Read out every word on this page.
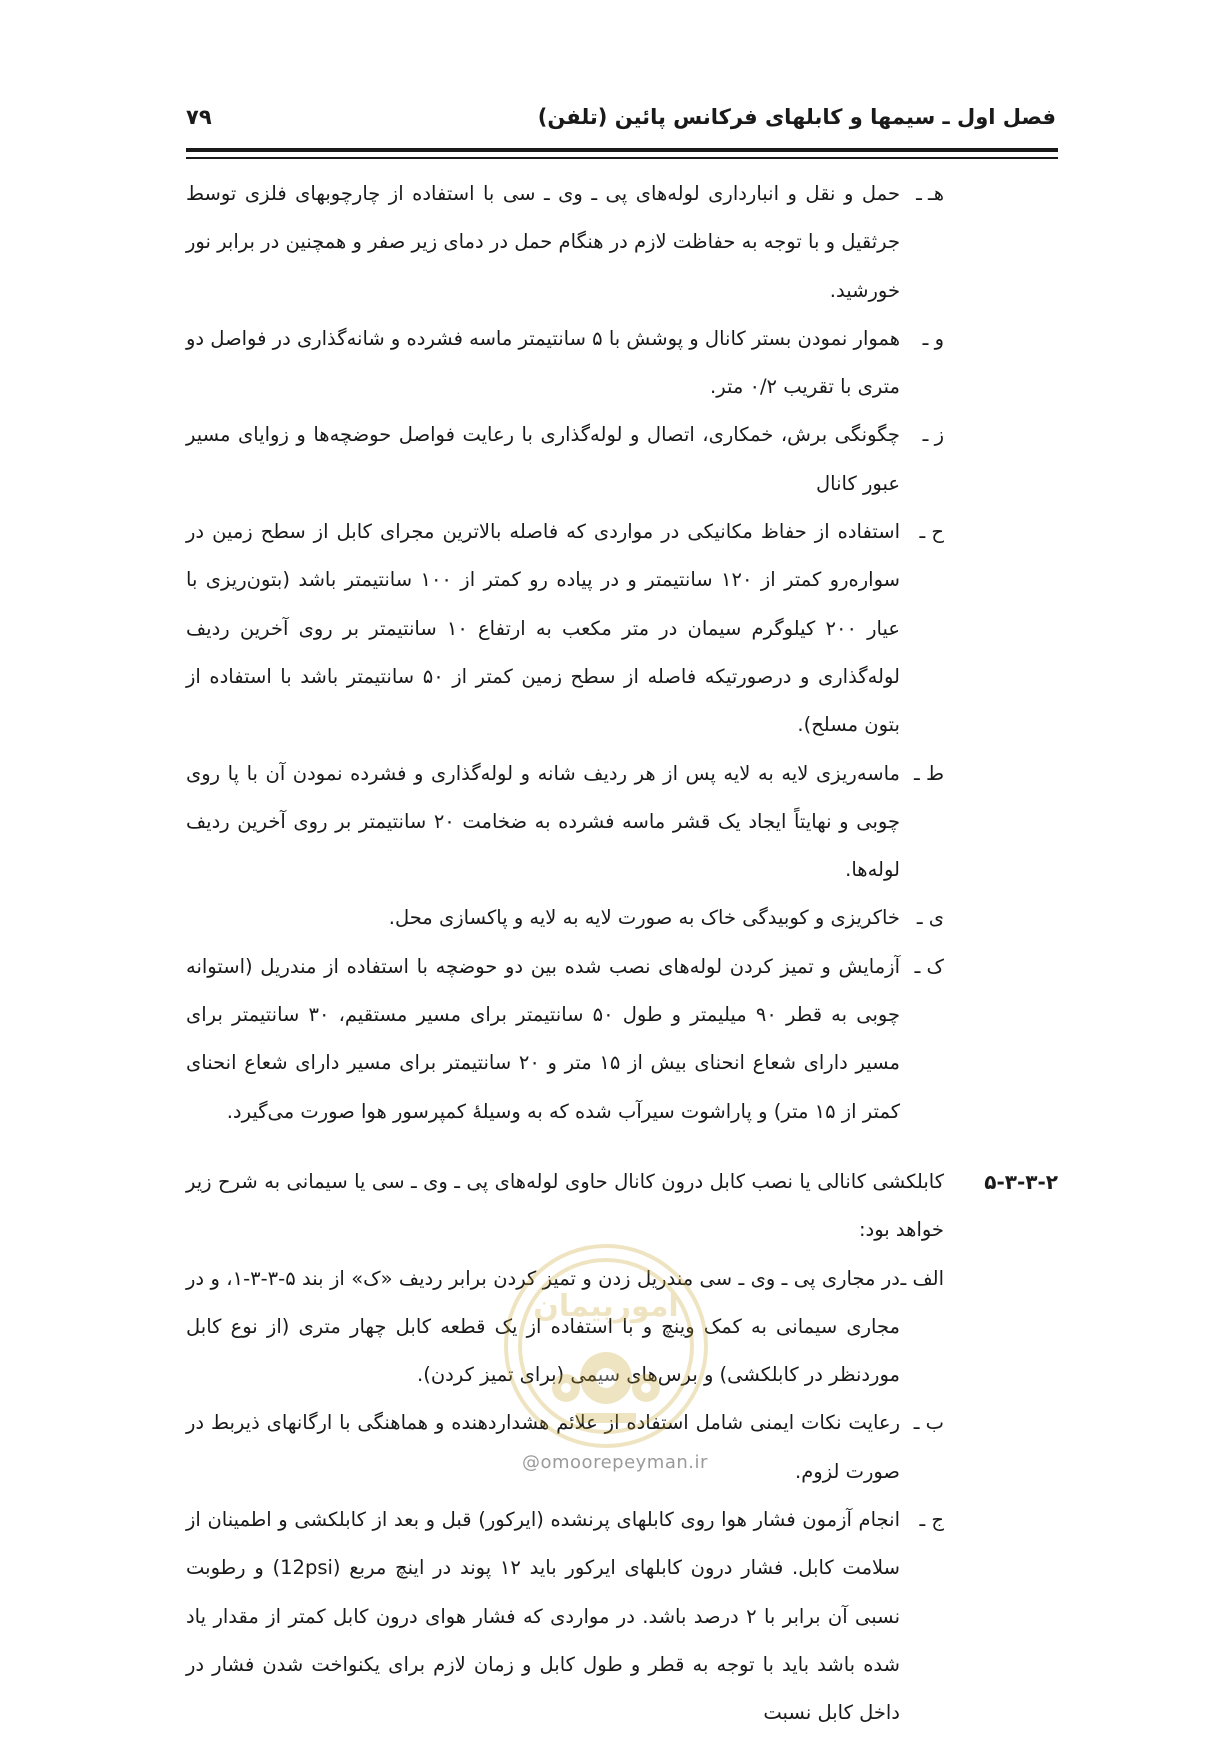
فصل اول ـ سیمها و کابلهای فرکانس پائین (تلفن)
۷۹
هـ ـ
حمل و نقل و انبارداری لوله‌های پی ـ وی ـ سی با استفاده از چارچوبهای فلزی توسط جرثقیل و با توجه به حفاظت لازم در هنگام حمل در دمای زیر صفر و همچنین در برابر نور خورشید.
و ـ
هموار نمودن بستر کانال و پوشش با ۵ سانتیمتر ماسه فشرده و شانه‌گذاری در فواصل دو متری با تقریب ۰/۲ متر.
ز ـ
چگونگی برش، خمکاری، اتصال و لوله‌گذاری با رعایت فواصل حوضچه‌ها و زوایای مسیر عبور کانال
ح ـ
استفاده از حفاظ مکانیکی در مواردی که فاصله بالاترین مجرای کابل از سطح زمین در سواره‌رو کمتر از ۱۲۰ سانتیمتر و در پیاده رو کمتر از ۱۰۰ سانتیمتر باشد (بتون‌ریزی با عیار ۲۰۰ کیلوگرم سیمان در متر مکعب به ارتفاع ۱۰ سانتیمتر بر روی آخرین ردیف لوله‌گذاری و درصورتیکه فاصله از سطح زمین کمتر از ۵۰ سانتیمتر باشد با استفاده از بتون مسلح).
ط ـ
ماسه‌ریزی لایه به لایه پس از هر ردیف شانه و لوله‌گذاری و فشرده نمودن آن با پا روی چوبی و نهایتاً ایجاد یک قشر ماسه فشرده به ضخامت ۲۰ سانتیمتر بر روی آخرین ردیف لوله‌ها.
ی ـ
خاکریزی و کوبیدگی خاک به صورت لایه به لایه و پاکسازی محل.
ک ـ
آزمایش و تمیز کردن لوله‌های نصب شده بین دو حوضچه با استفاده از مندریل (استوانه چوبی به قطر ۹۰ میلیمتر و طول ۵۰ سانتیمتر برای مسیر مستقیم، ۳۰ سانتیمتر برای مسیر دارای شعاع انحنای بیش از ۱۵ متر و ۲۰ سانتیمتر برای مسیر دارای شعاع انحنای کمتر از ۱۵ متر) و پاراشوت سیرآب شده که به وسیلهٔ کمپرسور هوا صورت می‌گیرد.
۵-۳-۳-۲
کابلکشی کانالی یا نصب کابل درون کانال حاوی لوله‌های پی ـ وی ـ سی یا سیمانی به شرح زیر خواهد بود:
الف ـ
در مجاری پی ـ وی ـ سی مندریل زدن و تمیز کردن برابر ردیف «ک» از بند ۵-۳-۳-۱، و در مجاری سیمانی به کمک وینچ و با استفاده از یک قطعه کابل چهار متری (از نوع کابل موردنظر در کابلکشی) و برس‌های سیمی (برای تمیز کردن).
ب ـ
رعایت نکات ایمنی شامل استفاده از علائم هشداردهنده و هماهنگی با ارگانهای ذیربط در صورت لزوم.
ج ـ
انجام آزمون فشار هوا روی کابلهای پرنشده (ایرکور) قبل و بعد از کابلکشی و اطمینان از سلامت کابل. فشار درون کابلهای ایرکور باید ۱۲ پوند در اینچ مربع (12psi) و رطوبت نسبی آن برابر با ۲ درصد باشد. در مواردی که فشار هوای درون کابل کمتر از مقدار یاد شده باشد باید با توجه به قطر و طول کابل و زمان لازم برای یکنواخت شدن فشار در داخل کابل نسبت
امورپیمان
@omoorepeyman.ir
